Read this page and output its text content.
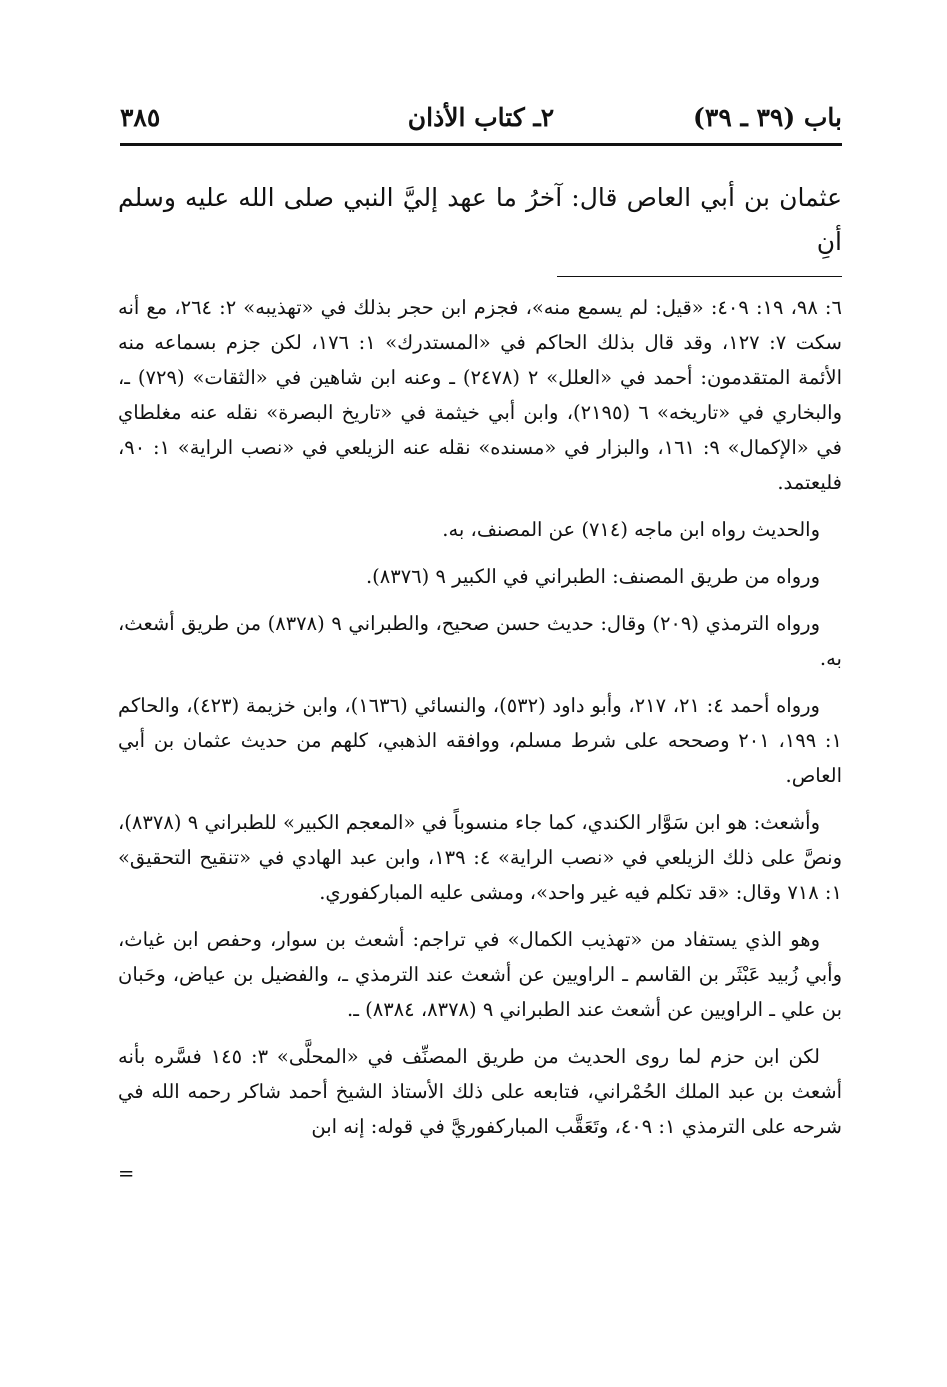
باب (٣٩ ـ ٣٩)
٢ـ كتاب الأذان
٣٨٥
عثمان بن أبي العاص قال: آخرُ ما عهد إليَّ النبي صلى الله عليه وسلم أنِ

٦: ٩٨، ١٩: ٤٠٩: «قيل: لم يسمع منه»، فجزم ابن حجر بذلك في «تهذيبه» ٢: ٢٦٤، مع أنه سكت ٧: ١٢٧، وقد قال بذلك الحاكم في «المستدرك» ١: ١٧٦، لكن جزم بسماعه منه الأئمة المتقدمون: أحمد في «العلل» ٢ (٢٤٧٨) ـ وعنه ابن شاهين في «الثقات» (٧٢٩) ـ، والبخاري في «تاريخه» ٦ (٢١٩٥)، وابن أبي خيثمة في «تاريخ البصرة» نقله عنه مغلطاي في «الإكمال» ٩: ١٦١، والبزار في «مسنده» نقله عنه الزيلعي في «نصب الراية» ١: ٩٠، فليعتمد.

والحديث رواه ابن ماجه (٧١٤) عن المصنف، به.

ورواه من طريق المصنف: الطبراني في الكبير ٩ (٨٣٧٦).

ورواه الترمذي (٢٠٩) وقال: حديث حسن صحيح، والطبراني ٩ (٨٣٧٨) من طريق أشعث، به.

ورواه أحمد ٤: ٢١، ٢١٧، وأبو داود (٥٣٢)، والنسائي (١٦٣٦)، وابن خزيمة (٤٢٣)، والحاكم ١: ١٩٩، ٢٠١ وصححه على شرط مسلم، ووافقه الذهبي، كلهم من حديث عثمان بن أبي العاص.

وأشعث: هو ابن سَوَّار الكندي، كما جاء منسوباً في «المعجم الكبير» للطبراني ٩ (٨٣٧٨)، ونصَّ على ذلك الزيلعي في «نصب الراية» ٤: ١٣٩، وابن عبد الهادي في «تنقيح التحقيق» ١: ٧١٨ وقال: «قد تكلم فيه غير واحد»، ومشى عليه المباركفوري.

وهو الذي يستفاد من «تهذيب الكمال» في تراجم: أشعث بن سوار، وحفص ابن غياث، وأبي زُبيد عَبْثَر بن القاسم ـ الراويين عن أشعث عند الترمذي ـ، والفضيل بن عياض، وحَبان بن علي ـ الراويين عن أشعث عند الطبراني ٩ (٨٣٧٨، ٨٣٨٤) ـ.

لكن ابن حزم لما روى الحديث من طريق المصنِّف في «المحلَّى» ٣: ١٤٥ فسَّره بأنه أشعث بن عبد الملك الحُمْراني، فتابعه على ذلك الأستاذ الشيخ أحمد شاكر رحمه الله في شرحه على الترمذي ١: ٤٠٩، وتَعَقَّب المباركفوريَّ في قوله: إنه ابن

=
